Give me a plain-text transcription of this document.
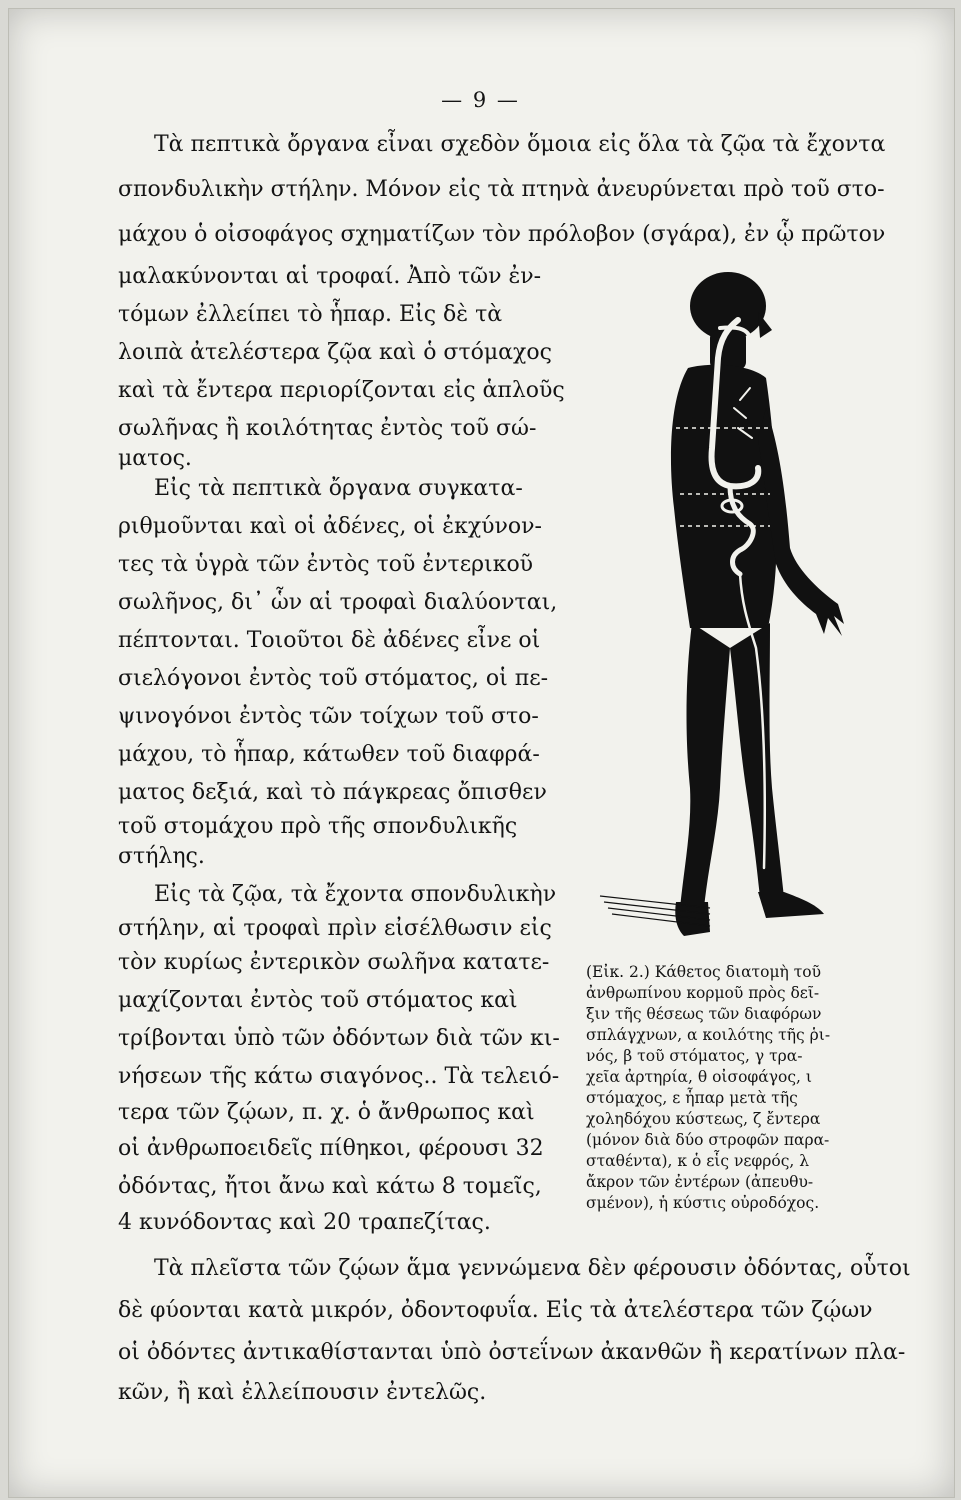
— 9 —

Τὰ πεπτικὰ ὄργανα εἶναι σχεδὸν ὅμοια εἰς ὅλα τὰ ζῷα τὰ ἔχοντα

σπονδυλικὴν στήλην. Μόνον εἰς τὰ πτηνὰ ἀνευρύνεται πρὸ τοῦ στο-

μάχου ὁ οἰσοφάγος σχηματίζων τὸν πρόλοβον (σγάρα), ἐν ᾧ πρῶτον

μαλακύνονται αἱ τροφαί. Ἀπὸ τῶν ἐν-

τόμων ἐλλείπει τὸ ἧπαρ. Εἰς δὲ τὰ

λοιπὰ ἀτελέστερα ζῷα καὶ ὁ στόμαχος

καὶ τὰ ἔντερα περιορίζονται εἰς ἁπλοῦς

σωλῆνας ἢ κοιλότητας ἐντὸς τοῦ σώ-

ματος.

Εἰς τὰ πεπτικὰ ὄργανα συγκατα-

ριθμοῦνται καὶ οἱ ἀδένες, οἱ ἐκχύνον-

τες τὰ ὑγρὰ τῶν ἐντὸς τοῦ ἐντερικοῦ

σωλῆνος, δι᾽ ὧν αἱ τροφαὶ διαλύονται,

πέπτονται. Τοιοῦτοι δὲ ἀδένες εἶνε οἱ

σιελόγονοι ἐντὸς τοῦ στόματος, οἱ πε-

ψινογόνοι ἐντὸς τῶν τοίχων τοῦ στο-

μάχου, τὸ ἧπαρ, κάτωθεν τοῦ διαφρά-

ματος δεξιά, καὶ τὸ πάγκρεας ὄπισθεν

τοῦ στομάχου πρὸ τῆς σπονδυλικῆς

στήλης.

Εἰς τὰ ζῷα, τὰ ἔχοντα σπονδυλικὴν

στήλην, αἱ τροφαὶ πρὶν εἰσέλθωσιν εἰς

τὸν κυρίως ἐντερικὸν σωλῆνα κατατε-

μαχίζονται ἐντὸς τοῦ στόματος καὶ

τρίβονται ὑπὸ τῶν ὀδόντων διὰ τῶν κι-

νήσεων τῆς κάτω σιαγόνος.. Τὰ τελειό-

τερα τῶν ζῴων, π. χ. ὁ ἄνθρωπος καὶ

οἱ ἀνθρωποειδεῖς πίθηκοι, φέρουσι 32

ὀδόντας, ἤτοι ἄνω καὶ κάτω 8 τομεῖς,

4 κυνόδοντας καὶ 20 τραπεζίτας.

Τὰ πλεῖστα τῶν ζῴων ἅμα γεννώμενα δὲν φέρουσιν ὀδόντας, οὗτοι

δὲ φύονται κατὰ μικρόν, ὀδοντοφυΐα. Εἰς τὰ ἀτελέστερα τῶν ζῴων

οἱ ὀδόντες ἀντικαθίστανται ὑπὸ ὀστεΐνων ἀκανθῶν ἢ κερατίνων πλα-

κῶν, ἢ καὶ ἐλλείπουσιν ἐντελῶς.

(Εἰκ. 2.) Κάθετος διατομὴ τοῦ
ἀνθρωπίνου κορμοῦ πρὸς δεῖ-
ξιν τῆς θέσεως τῶν διαφόρων
σπλάγχνων, α κοιλότης τῆς ῥι-
νός, β τοῦ στόματος, γ τρα-
χεῖα ἀρτηρία, θ οἰσοφάγος, ι
στόμαχος, ε ἧπαρ μετὰ τῆς
χοληδόχου κύστεως, ζ ἔντερα
(μόνον διὰ δύο στροφῶν παρα-
σταθέντα), κ ὁ εἷς νεφρός, λ
ἄκρον τῶν ἐντέρων (ἀπευθυ-
σμένον), ἡ κύστις οὐροδόχος.
